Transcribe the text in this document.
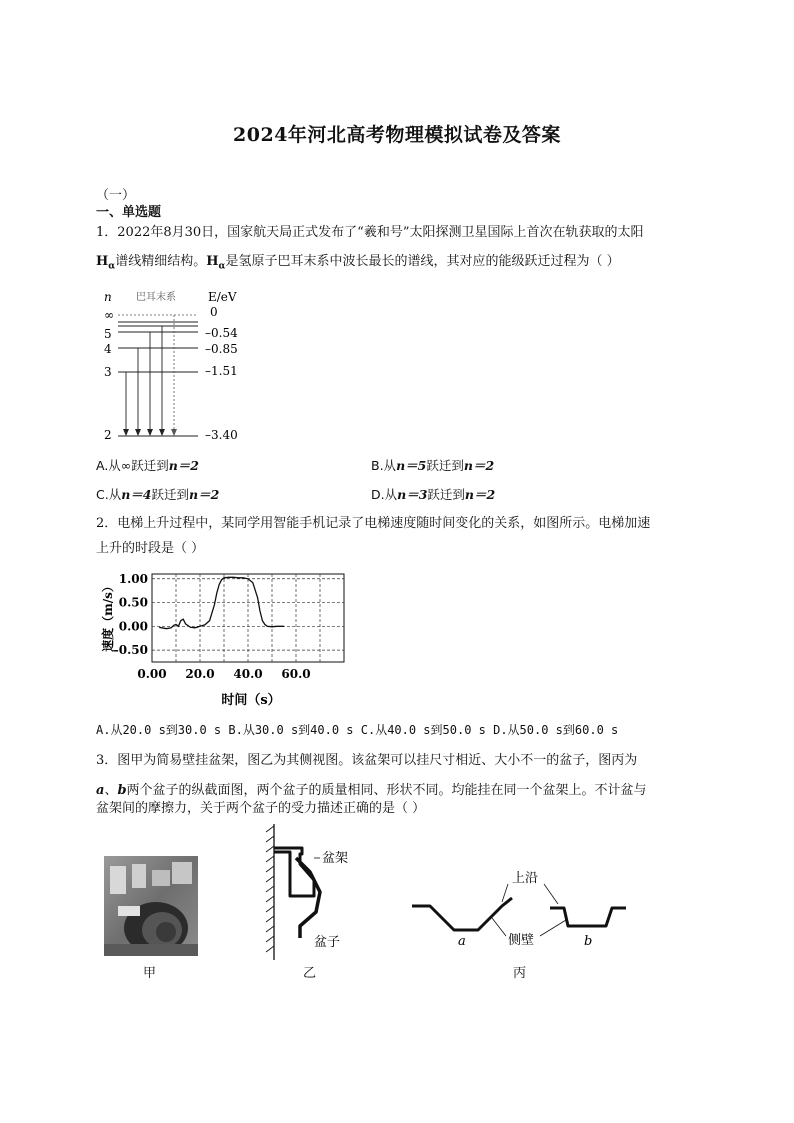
2024年河北高考物理模拟试卷及答案
（一）
一、单选题
1．2022年8月30日，国家航天局正式发布了“羲和号”太阳探测卫星国际上首次在轨获取的太阳
$H_\alpha$谱线精细结构。$H_\alpha$是氢原子巴耳末系中波长最长的谱线，其对应的能级跃迁过程为（ ）
n 巴耳末系	E/eV
∞
5
4
3
2
0
–0.54
–0.85
–1.51
–3.40
A.从∞跃迁到n＝2	B.从n＝5跃迁到n＝2
C.从n＝4跃迁到n＝2	D.从n＝3跃迁到n＝2
2．电梯上升过程中，某同学用智能手机记录了电梯速度随时间变化的关系，如图所示。电梯加速
上升的时段是（ ）
1.00
0.50
0.00
–0.50
0.00 20.0 40.0 60.0
时间（s）
速度（m/s）
A.从20.0 s到30.0 s B.从30.0 s到40.0 s C.从40.0 s到50.0 s D.从50.0 s到60.0 s
3．图甲为简易壁挂盆架，图乙为其侧视图。该盆架可以挂尺寸相近、大小不一的盆子，图丙为
a、b两个盆子的纵截面图，两个盆子的质量相同、形状不同。均能挂在同一个盆架上。不计盆与
盆架间的摩擦力，关于两个盆子的受力描述正确的是（ ）
甲
盆架
盆子
乙
上沿
侧壁
a	b
丙
